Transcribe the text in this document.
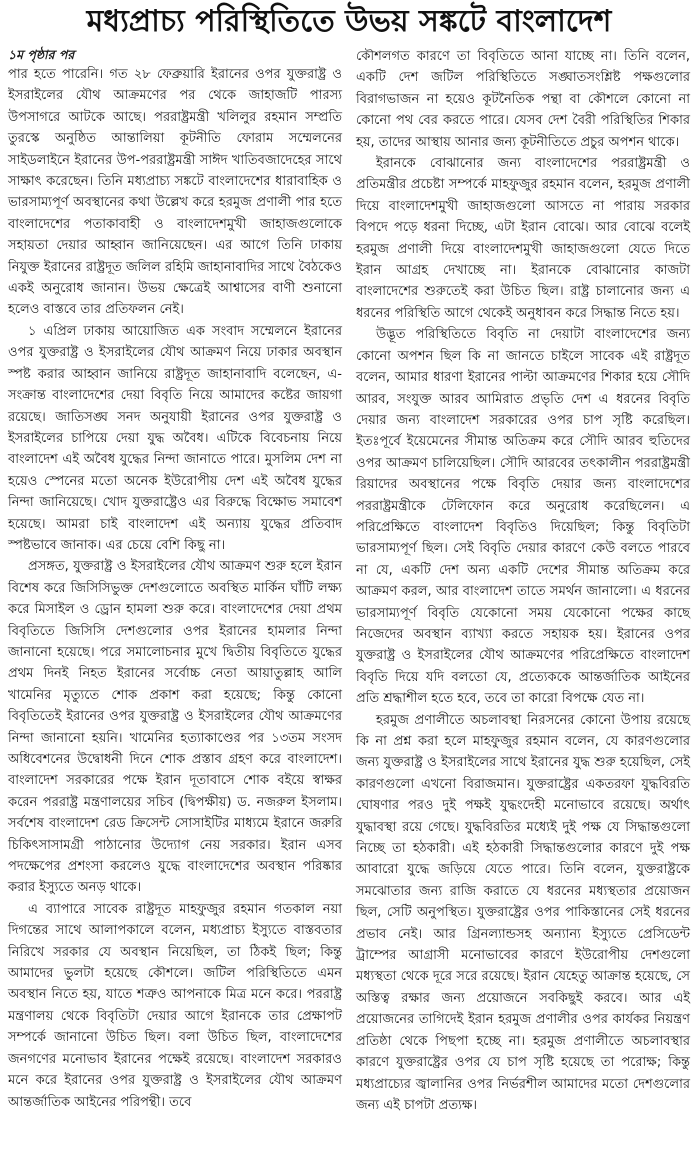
মধ্যপ্রাচ্য পরিস্থিতিতে উভয় সঙ্কটে বাংলাদেশ
১ম পৃষ্ঠার পর

পার হতে পারেনি। গত ২৮ ফেব্রুয়ারি ইরানের ওপর যুক্তরাষ্ট্র ও ইসরাইলের যৌথ আক্রমণের পর থেকে জাহাজটি পারস্য উপসাগরে আটকে আছে। পররাষ্ট্রমন্ত্রী খলিলুর রহমান সম্প্রতি তুরস্কে অনুষ্ঠিত আন্তালিয়া কূটনীতি ফোরাম সম্মেলনের সাইডলাইনে ইরানের উপ-পররাষ্ট্রমন্ত্রী সাঈদ খাতিবজাদেহের সাথে সাক্ষাৎ করেছেন। তিনি মধ্যপ্রাচ্য সঙ্কটে বাংলাদেশের ধারাবাহিক ও ভারসাম্যপূর্ণ অবস্থানের কথা উল্লেখ করে হরমুজ প্রণালী পার হতে বাংলাদেশের পতাকাবাহী ও বাংলাদেশমুখী জাহাজগুলোকে সহায়তা দেয়ার আহ্বান জানিয়েছেন। এর আগে তিনি ঢাকায় নিযুক্ত ইরানের রাষ্ট্রদূত জলিল রহিমি জাহানাবাদির সাথে বৈঠকেও একই অনুরোধ জানান। উভয় ক্ষেত্রেই আশ্বাসের বাণী শুনানো হলেও বাস্তবে তার প্রতিফলন নেই।

১ এপ্রিল ঢাকায় আয়োজিত এক সংবাদ সম্মেলনে ইরানের ওপর যুক্তরাষ্ট্র ও ইসরাইলের যৌথ আক্রমণ নিয়ে ঢাকার অবস্থান স্পষ্ট করার আহ্বান জানিয়ে রাষ্ট্রদূত জাহানাবাদি বলেছেন, এ-সংক্রান্ত বাংলাদেশের দেয়া বিবৃতি নিয়ে আমাদের কষ্টের জায়গা রয়েছে। জাতিসঙ্ঘ সনদ অনুযায়ী ইরানের ওপর যুক্তরাষ্ট্র ও ইসরাইলের চাপিয়ে দেয়া যুদ্ধ অবৈধ। এটিকে বিবেচনায় নিয়ে বাংলাদেশ এই অবৈধ যুদ্ধের নিন্দা জানাতে পারে। মুসলিম দেশ না হয়েও স্পেনের মতো অনেক ইউরোপীয় দেশ এই অবৈধ যুদ্ধের নিন্দা জানিয়েছে। খোদ যুক্তরাষ্ট্রেও এর বিরুদ্ধে বিক্ষোভ সমাবেশ হয়েছে। আমরা চাই বাংলাদেশ এই অন্যায় যুদ্ধের প্রতিবাদ স্পষ্টভাবে জানাক। এর চেয়ে বেশি কিছু না।

প্রসঙ্গত, যুক্তরাষ্ট্র ও ইসরাইলের যৌথ আক্রমণ শুরু হলে ইরান বিশেষ করে জিসিসিভুক্ত দেশগুলোতে অবস্থিত মার্কিন ঘাঁটি লক্ষ্য করে মিসাইল ও ড্রোন হামলা শুরু করে। বাংলাদেশের দেয়া প্রথম বিবৃতিতে জিসিসি দেশগুলোর ওপর ইরানের হামলার নিন্দা জানানো হয়েছে। পরে সমালোচনার মুখে দ্বিতীয় বিবৃতিতে যুদ্ধের প্রথম দিনই নিহত ইরানের সর্বোচ্চ নেতা আয়াতুল্লাহ আলি খামেনির মৃত্যুতে শোক প্রকাশ করা হয়েছে; কিন্তু কোনো বিবৃতিতেই ইরানের ওপর যুক্তরাষ্ট্র ও ইসরাইলের যৌথ আক্রমণের নিন্দা জানানো হয়নি। খামেনির হত্যাকাণ্ডের পর ১৩তম সংসদ অধিবেশনের উদ্বোধনী দিনে শোক প্রস্তাব গ্রহণ করে বাংলাদেশ। বাংলাদেশ সরকারের পক্ষে ইরান দূতাবাসে শোক বইয়ে স্বাক্ষর করেন পররাষ্ট্র মন্ত্রণালয়ের সচিব (দ্বিপক্ষীয়) ড. নজরুল ইসলাম। সর্বশেষ বাংলাদেশ রেড ক্রিসেন্ট সোসাইটির মাধ্যমে ইরানে জরুরি চিকিৎসাসামগ্রী পাঠানোর উদ্যোগ নেয় সরকার। ইরান এসব পদক্ষেপের প্রশংসা করলেও যুদ্ধে বাংলাদেশের অবস্থান পরিষ্কার করার ইস্যুতে অনড় থাকে।

এ ব্যাপারে সাবেক রাষ্ট্রদূত মাহফুজুর রহমান গতকাল নয়া দিগন্তের সাথে আলাপকালে বলেন, মধ্যপ্রাচ্য ইস্যুতে বাস্তবতার নিরিখে সরকার যে অবস্থান নিয়েছিল, তা ঠিকই ছিল; কিন্তু আমাদের ভুলটা হয়েছে কৌশলে। জটিল পরিস্থিতিতে এমন অবস্থান নিতে হয়, যাতে শত্রুও আপনাকে মিত্র মনে করে। পররাষ্ট্র মন্ত্রণালয় থেকে বিবৃতিটা দেয়ার আগে ইরানকে তার প্রেক্ষাপট সম্পর্কে জানানো উচিত ছিল। বলা উচিত ছিল, বাংলাদেশের জনগণের মনোভাব ইরানের পক্ষেই রয়েছে। বাংলাদেশ সরকারও মনে করে ইরানের ওপর যুক্তরাষ্ট্র ও ইসরাইলের যৌথ আক্রমণ আন্তর্জাতিক আইনের পরিপন্থী। তবে

কৌশলগত কারণে তা বিবৃতিতে আনা যাচ্ছে না। তিনি বলেন, একটি দেশ জটিল পরিস্থিতিতে সঙ্ঘাতসংশ্লিষ্ট পক্ষগুলোর বিরাগভাজন না হয়েও কূটনৈতিক পন্থা বা কৌশলে কোনো না কোনো পথ বের করতে পারে। যেসব দেশ বৈরী পরিস্থিতির শিকার হয়, তাদের আস্থায় আনার জন্য কূটনীতিতে প্রচুর অপশন থাকে।

ইরানকে বোঝানোর জন্য বাংলাদেশের পররাষ্ট্রমন্ত্রী ও প্রতিমন্ত্রীর প্রচেষ্টা সম্পর্কে মাহফুজুর রহমান বলেন, হরমুজ প্রণালী দিয়ে বাংলাদেশমুখী জাহাজগুলো আসতে না পারায় সরকার বিপদে পড়ে ধরনা দিচ্ছে, এটা ইরান বোঝে। আর বোঝে বলেই হরমুজ প্রণালী দিয়ে বাংলাদেশমুখী জাহাজগুলো যেতে দিতে ইরান আগ্রহ দেখাচ্ছে না। ইরানকে বোঝানোর কাজটা বাংলাদেশের শুরুতেই করা উচিত ছিল। রাষ্ট্র চালানোর জন্য এ ধরনের পরিস্থিতি আগে থেকেই অনুধাবন করে সিদ্ধান্ত নিতে হয়।

উদ্ভূত পরিস্থিতিতে বিবৃতি না দেয়াটা বাংলাদেশের জন্য কোনো অপশন ছিল কি না জানতে চাইলে সাবেক এই রাষ্ট্রদূত বলেন, আমার ধারণা ইরানের পাল্টা আক্রমণের শিকার হয়ে সৌদি আরব, সংযুক্ত আরব আমিরাত প্রভৃতি দেশ এ ধরনের বিবৃতি দেয়ার জন্য বাংলাদেশ সরকারের ওপর চাপ সৃষ্টি করেছিল। ইতঃপূর্বে ইয়েমেনের সীমান্ত অতিক্রম করে সৌদি আরব হুতিদের ওপর আক্রমণ চালিয়েছিল। সৌদি আরবের তৎকালীন পররাষ্ট্রমন্ত্রী রিয়াদের অবস্থানের পক্ষে বিবৃতি দেয়ার জন্য বাংলাদেশের পররাষ্ট্রমন্ত্রীকে টেলিফোন করে অনুরোধ করেছিলেন। এ পরিপ্রেক্ষিতে বাংলাদেশ বিবৃতিও দিয়েছিল; কিন্তু বিবৃতিটা ভারসাম্যপূর্ণ ছিল। সেই বিবৃতি দেয়ার কারণে কেউ বলতে পারবে না যে, একটি দেশ অন্য একটি দেশের সীমান্ত অতিক্রম করে আক্রমণ করল, আর বাংলাদেশ তাতে সমর্থন জানালো। এ ধরনের ভারসাম্যপূর্ণ বিবৃতি যেকোনো সময় যেকোনো পক্ষের কাছে নিজেদের অবস্থান ব্যাখ্যা করতে সহায়ক হয়। ইরানের ওপর যুক্তরাষ্ট্র ও ইসরাইলের যৌথ আক্রমণের পরিপ্রেক্ষিতে বাংলাদেশ বিবৃতি দিয়ে যদি বলতো যে, প্রত্যেককে আন্তর্জাতিক আইনের প্রতি শ্রদ্ধাশীল হতে হবে, তবে তা কারো বিপক্ষে যেত না।

হরমুজ প্রণালীতে অচলাবস্থা নিরসনের কোনো উপায় রয়েছে কি না প্রশ্ন করা হলে মাহফুজুর রহমান বলেন, যে কারণগুলোর জন্য যুক্তরাষ্ট্র ও ইসরাইলের সাথে ইরানের যুদ্ধ শুরু হয়েছিল, সেই কারণগুলো এখনো বিরাজমান। যুক্তরাষ্ট্রের একতরফা যুদ্ধবিরতি ঘোষণার পরও দুই পক্ষই যুদ্ধংদেহী মনোভাবে রয়েছে। অর্থাৎ যুদ্ধাবস্থা রয়ে গেছে। যুদ্ধবিরতির মধ্যেই দুই পক্ষ যে সিদ্ধান্তগুলো নিচ্ছে তা হঠকারী। এই হঠকারী সিদ্ধান্তগুলোর কারণে দুই পক্ষ আবারো যুদ্ধে জড়িয়ে যেতে পারে। তিনি বলেন, যুক্তরাষ্ট্রকে সমঝোতার জন্য রাজি করাতে যে ধরনের মধ্যস্থতার প্রয়োজন ছিল, সেটি অনুপস্থিত। যুক্তরাষ্ট্রের ওপর পাকিস্তানের সেই ধরনের প্রভাব নেই। আর গ্রিনল্যান্ডসহ অন্যান্য ইস্যুতে প্রেসিডেন্ট ট্রাম্পের আগ্রাসী মনোভাবের কারণে ইউরোপীয় দেশগুলো মধ্যস্থতা থেকে দূরে সরে রয়েছে। ইরান যেহেতু আক্রান্ত হয়েছে, সে অস্তিত্ব রক্ষার জন্য প্রয়োজনে সবকিছুই করবে। আর এই প্রয়োজনের তাগিদেই ইরান হরমুজ প্রণালীর ওপর কার্যকর নিয়ন্ত্রণ প্রতিষ্ঠা থেকে পিছপা হচ্ছে না। হরমুজ প্রণালীতে অচলাবস্থার কারণে যুক্তরাষ্ট্রের ওপর যে চাপ সৃষ্টি হয়েছে তা পরোক্ষ; কিন্তু মধ্যপ্রাচ্যের জ্বালানির ওপর নির্ভরশীল আমাদের মতো দেশগুলোর জন্য এই চাপটা প্রত্যক্ষ।
